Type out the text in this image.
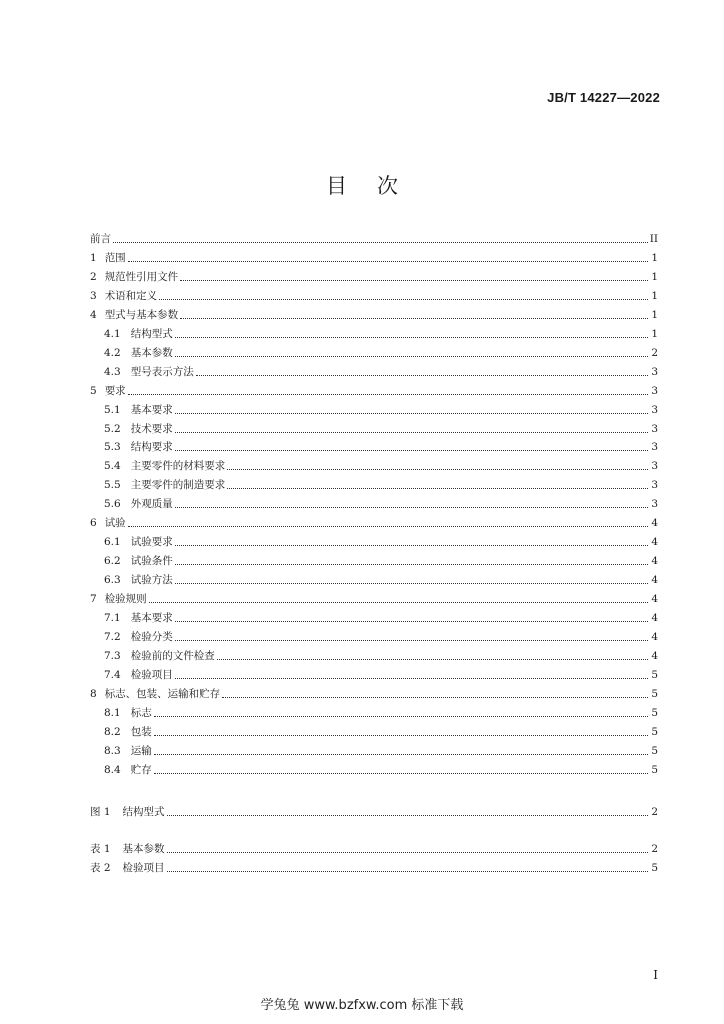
JB/T 14227—2022
目 次
前言	II
1 范围	1
2 规范性引用文件	1
3 术语和定义	1
4 型式与基本参数	1
4.1 结构型式	1
4.2 基本参数	2
4.3 型号表示方法	3
5 要求	3
5.1 基本要求	3
5.2 技术要求	3
5.3 结构要求	3
5.4 主要零件的材料要求	3
5.5 主要零件的制造要求	3
5.6 外观质量	3
6 试验	4
6.1 试验要求	4
6.2 试验条件	4
6.3 试验方法	4
7 检验规则	4
7.1 基本要求	4
7.2 检验分类	4
7.3 检验前的文件检查	4
7.4 检验项目	5
8 标志、包装、运输和贮存	5
8.1 标志	5
8.2 包装	5
8.3 运输	5
8.4 贮存	5
图 1 结构型式	2
表 1 基本参数	2
表 2 检验项目	5
I
学兔兔 www.bzfxw.com 标准下载
